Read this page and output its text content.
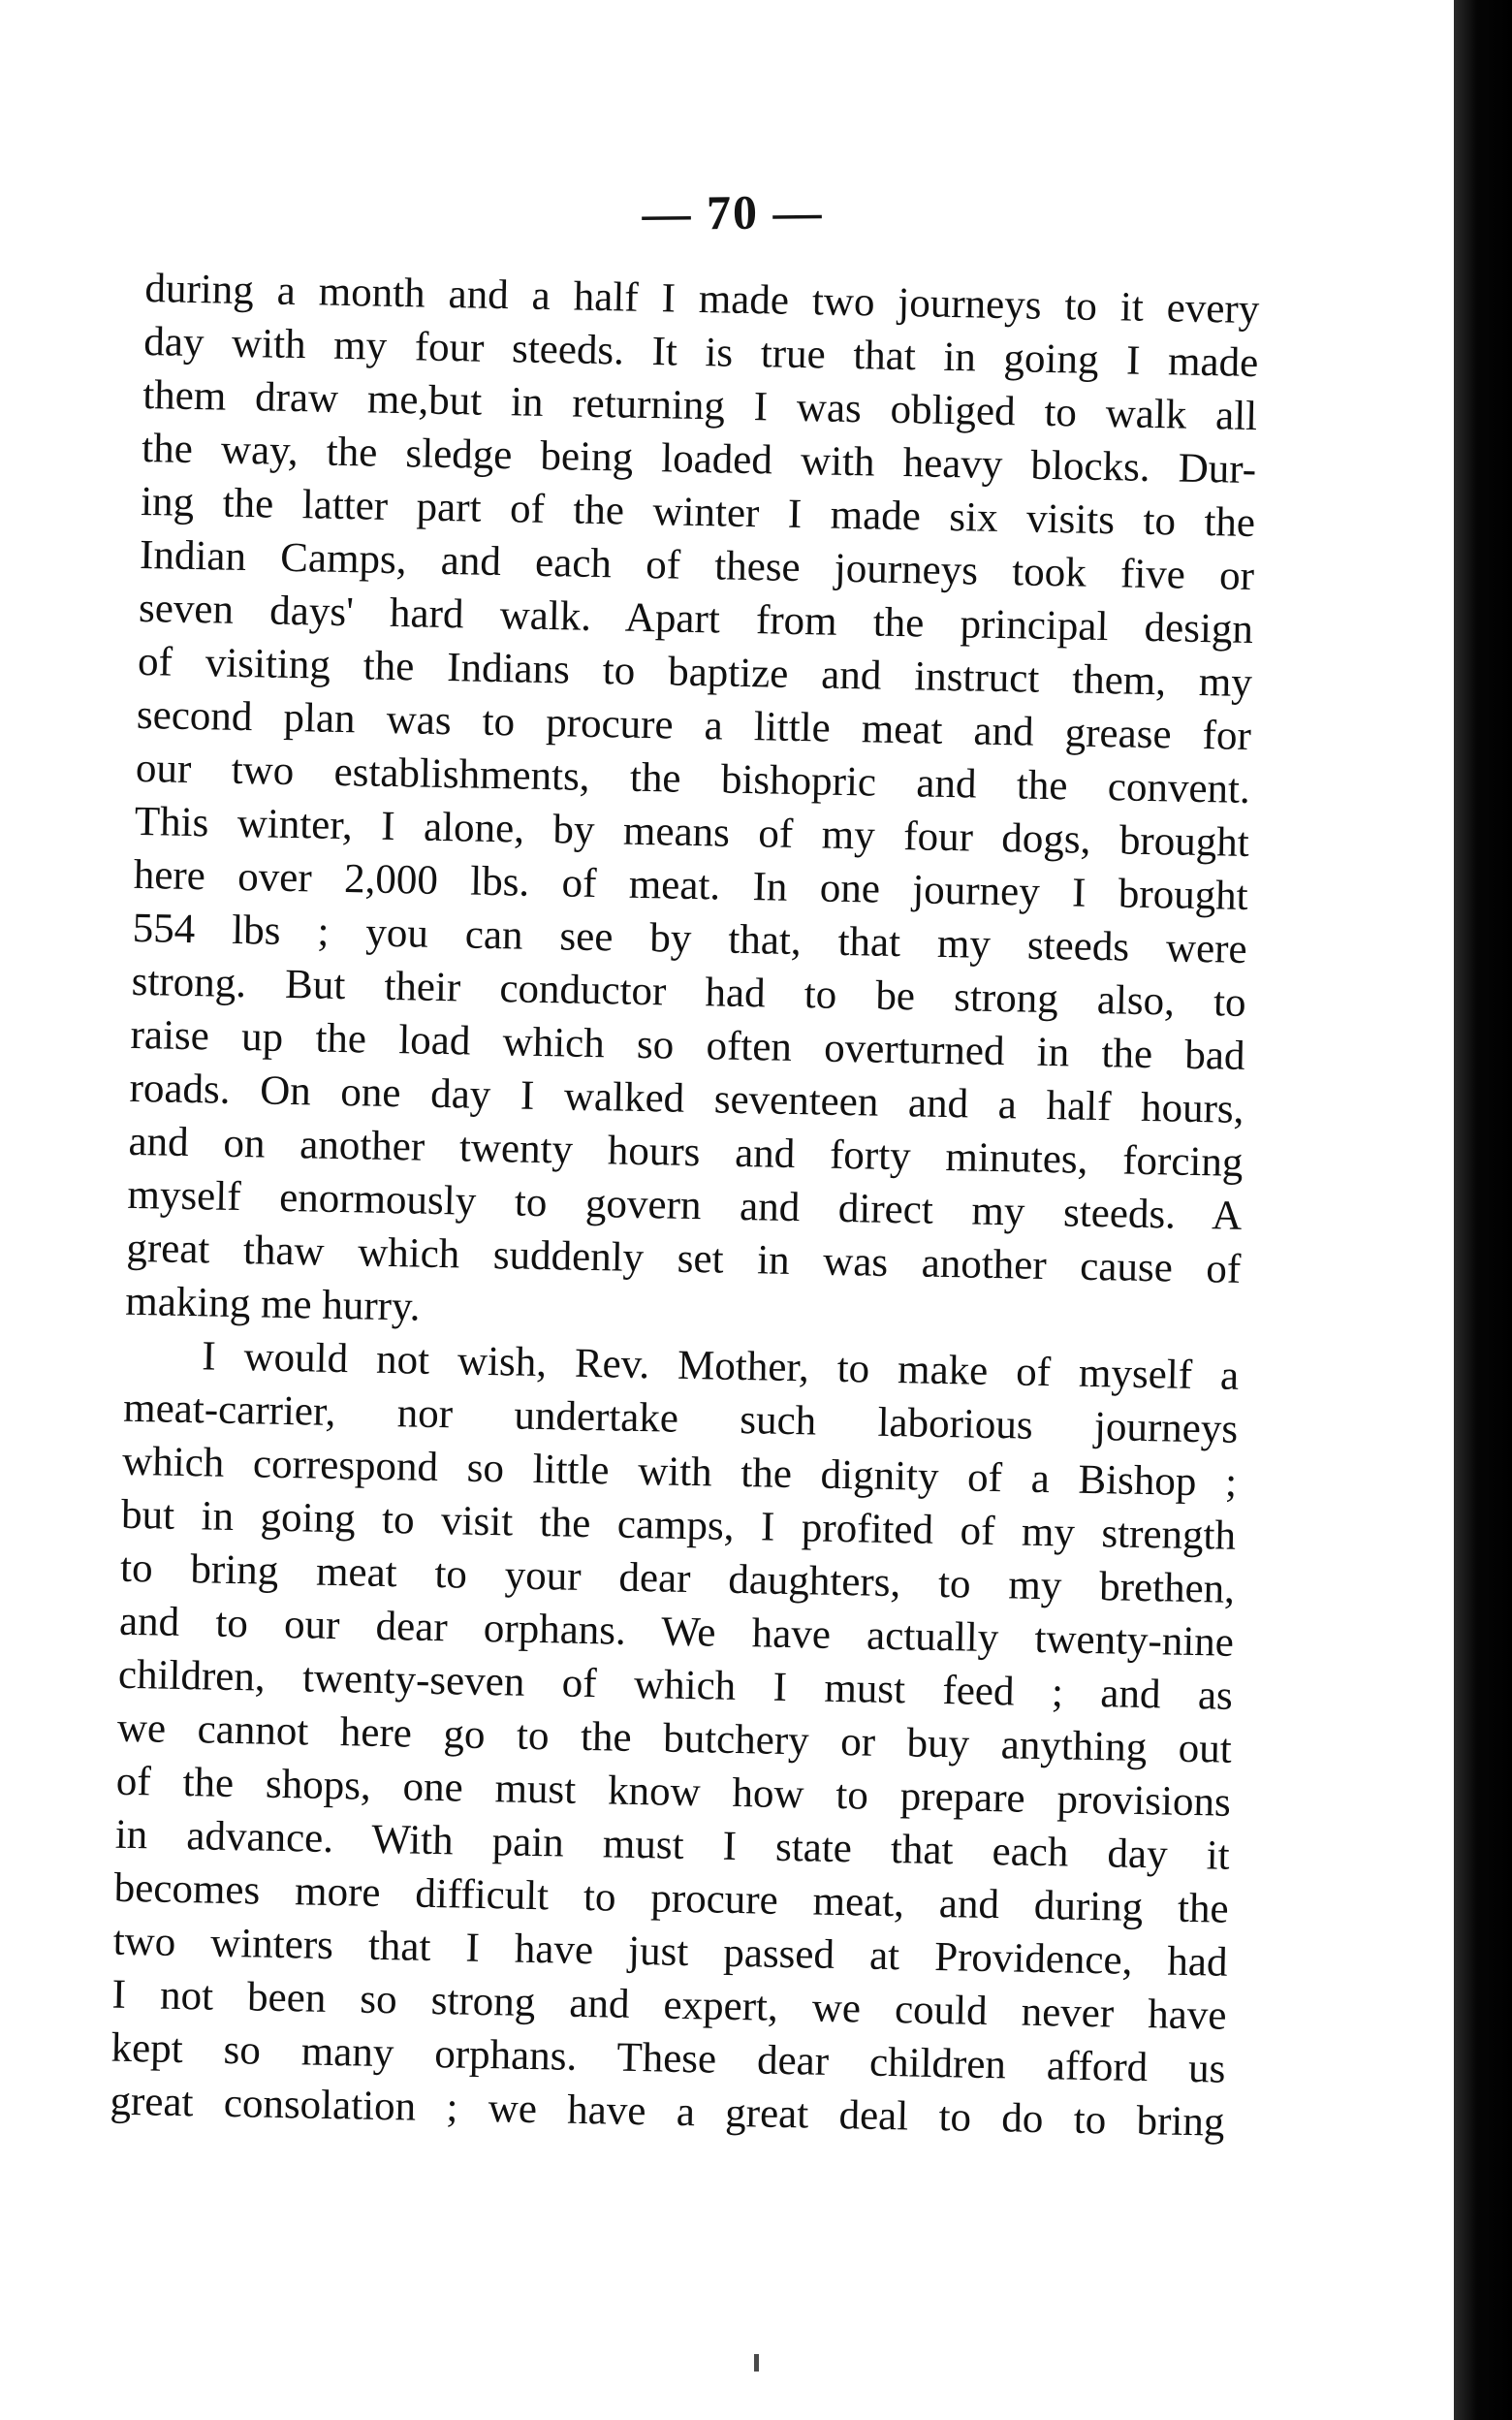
— 70 —
during a month and a half I made two journeys to it every
day with my four steeds. It is true that in going I made
them draw me,but in returning I was obliged to walk all
the way, the sledge being loaded with heavy blocks. Dur-
ing the latter part of the winter I made six visits to the
Indian Camps, and each of these journeys took five or
seven days' hard walk. Apart from the principal design
of visiting the Indians to baptize and instruct them, my
second plan was to procure a little meat and grease for
our two establishments, the bishopric and the convent.
This winter, I alone, by means of my four dogs, brought
here over 2,000 lbs. of meat. In one journey I brought
554 lbs ; you can see by that, that my steeds were
strong. But their conductor had to be strong also, to
raise up the load which so often overturned in the bad
roads. On one day I walked seventeen and a half hours,
and on another twenty hours and forty minutes, forcing
myself enormously to govern and direct my steeds. A
great thaw which suddenly set in was another cause of
making me hurry.
I would not wish, Rev. Mother, to make of myself a
meat-carrier, nor undertake such laborious journeys
which correspond so little with the dignity of a Bishop ;
but in going to visit the camps, I profited of my strength
to bring meat to your dear daughters, to my brethen,
and to our dear orphans. We have actually twenty-nine
children, twenty-seven of which I must feed ; and as
we cannot here go to the butchery or buy anything out
of the shops, one must know how to prepare provisions
in advance. With pain must I state that each day it
becomes more difficult to procure meat, and during the
two winters that I have just passed at Providence, had
I not been so strong and expert, we could never have
kept so many orphans. These dear children afford us
great consolation ; we have a great deal to do to bring
